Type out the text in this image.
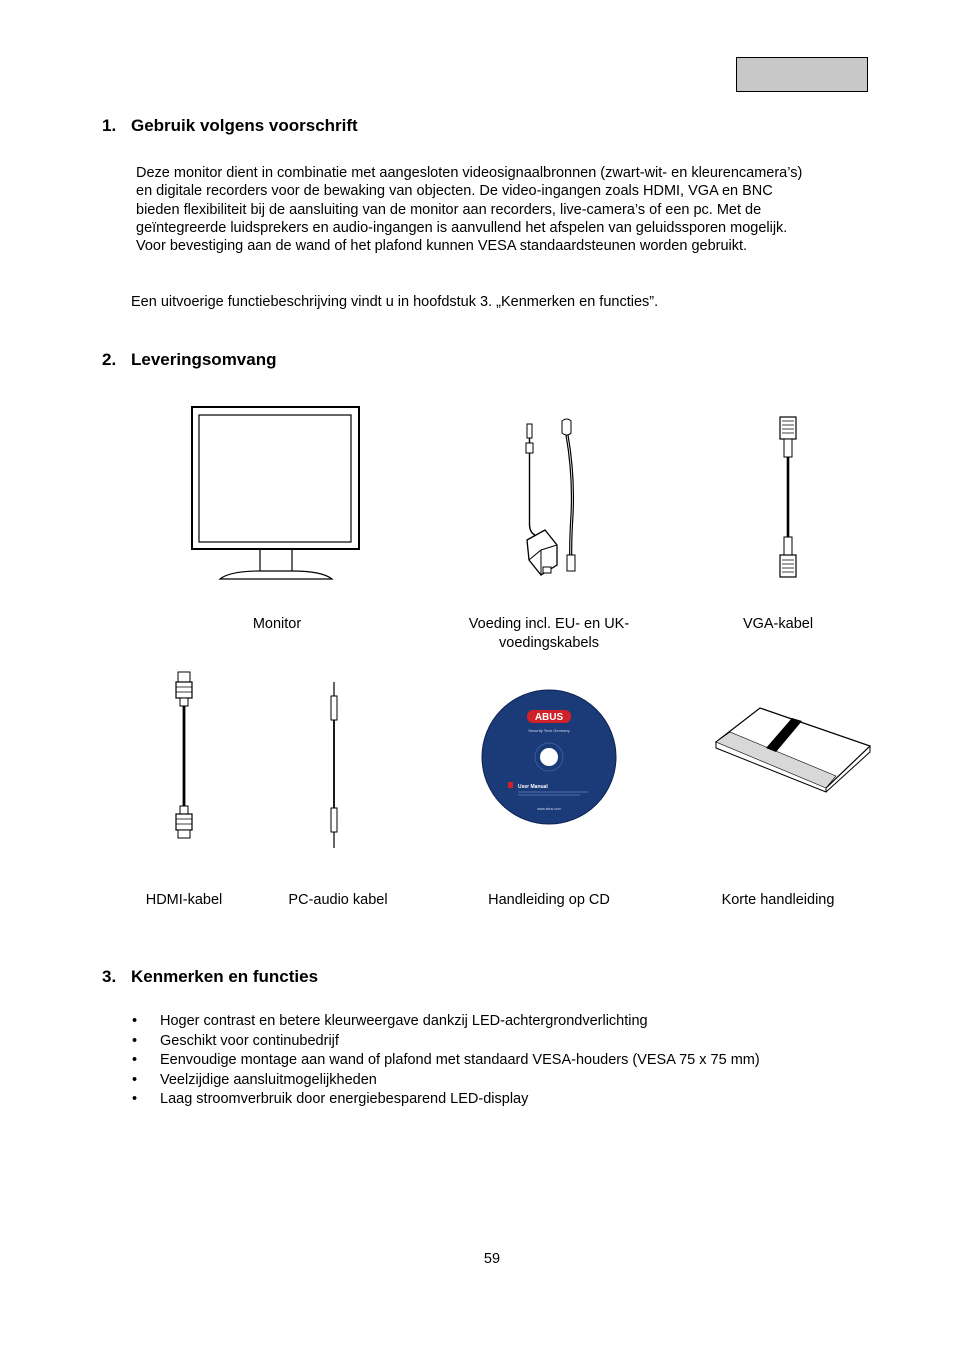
1. Gebruik volgens voorschrift
Deze monitor dient in combinatie met aangesloten videosignaalbronnen (zwart-wit- en kleurencamera’s)
en digitale recorders voor de bewaking van objecten. De video-ingangen zoals HDMI, VGA en BNC
bieden flexibiliteit bij de aansluiting van de monitor aan recorders, live-camera’s of een pc. Met de
geïntegreerde luidsprekers en audio-ingangen is aanvullend het afspelen van geluidssporen mogelijk.
Voor bevestiging aan de wand of het plafond kunnen VESA standaardsteunen worden gebruikt.
Een uitvoerige functiebeschrijving vindt u in hoofdstuk 3. „Kenmerken en functies”.
2. Leveringsomvang
Monitor	Voeding incl. EU- en UK-
voedingskabels
VGA-kabel
ABUS
Security Tech Germany
User Manual
www.abus.com
HDMI-kabel	PC-audio kabel	Handleiding op CD	Korte handleiding
3. Kenmerken en functies
• Hoger contrast en betere kleurweergave dankzij LED-achtergrondverlichting
• Geschikt voor continubedrijf
• Eenvoudige montage aan wand of plafond met standaard VESA-houders (VESA 75 x 75 mm)
• Veelzijdige aansluitmogelijkheden
• Laag stroomverbruik door energiebesparend LED-display
59
